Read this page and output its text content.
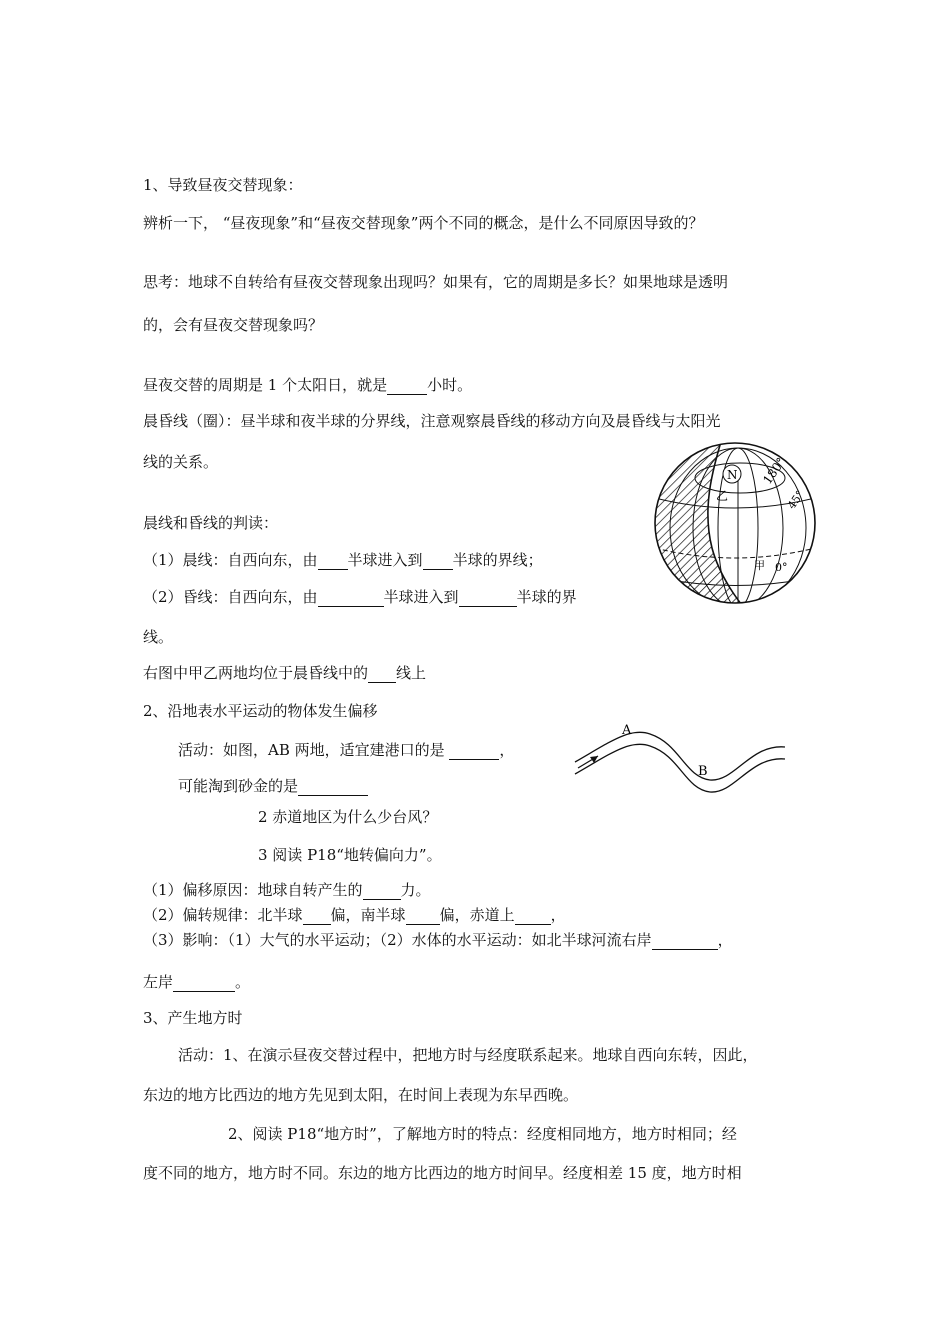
1、导致昼夜交替现象：
辨析一下， “昼夜现象”和“昼夜交替现象”两个不同的概念，是什么不同原因导致的？
思考：地球不自转给有昼夜交替现象出现吗？如果有，它的周期是多长？如果地球是透明
的，会有昼夜交替现象吗？
昼夜交替的周期是 1 个太阳日，就是	小时。
晨昏线（圈）：昼半球和夜半球的分界线，注意观察晨昏线的移动方向及晨昏线与太阳光
线的关系。
晨线和昏线的判读：
（1）晨线：自西向东，由 半球进入到 半球的界线；
（2）昏线：自西向东，由	半球进入到	半球的界
线。
右图中甲乙两地均位于晨昏线中的 线上
N 180°
45°
0°
乙
甲
2、沿地表水平运动的物体发生偏移
活动：如图，AB 两地，适宜建港口的是	，
可能淘到砂金的是
A
B
2 赤道地区为什么少台风？
3 阅读 P18“地转偏向力”。
（1）偏移原因：地球自转产生的	力。
（2）偏转规律：北半球 偏，南半球 偏，赤道上 ，
（3）影响：（1）大气的水平运动；（2）水体的水平运动：如北半球河流右岸	，
左岸	。
3、产生地方时
活动：1、在演示昼夜交替过程中，把地方时与经度联系起来。地球自西向东转，因此，
东边的地方比西边的地方先见到太阳，在时间上表现为东早西晚。
2、阅读 P18“地方时”，了解地方时的特点：经度相同地方，地方时相同；经
度不同的地方，地方时不同。东边的地方比西边的地方时间早。经度相差 15 度，地方时相
